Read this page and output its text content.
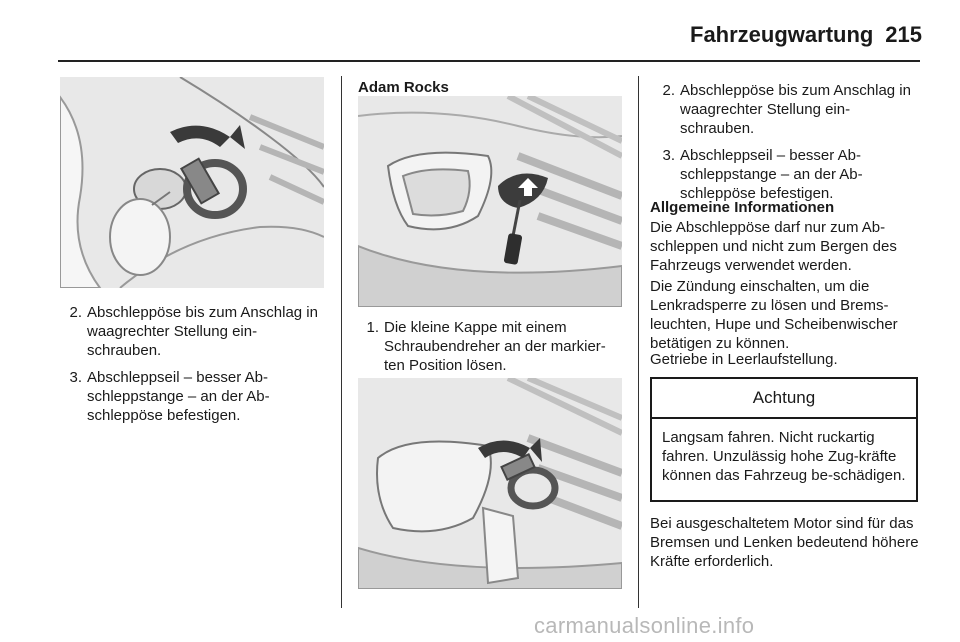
Fahrzeugwartung 215
2. Abschleppöse bis zum Anschlag in waagrechter Stellung ein-schrauben.
3. Abschleppseil – besser Ab-schleppstange – an der Ab-schleppöse befestigen.
Adam Rocks
1. Die kleine Kappe mit einem Schraubendreher an der markier-ten Position lösen.
2. Abschleppöse bis zum Anschlag in waagrechter Stellung ein-schrauben.
3. Abschleppseil – besser Ab-schleppstange – an der Ab-schleppöse befestigen.
Allgemeine Informationen

Die Abschleppöse darf nur zum Ab-schleppen und nicht zum Bergen des Fahrzeugs verwendet werden.

Die Zündung einschalten, um die Lenkradsperre zu lösen und Brems-leuchten, Hupe und Scheibenwischer betätigen zu können.

Getriebe in Leerlaufstellung.

Achtung
Langsam fahren. Nicht ruckartig fahren. Unzulässig hohe Zug-kräfte können das Fahrzeug be-schädigen.

Bei ausgeschaltetem Motor sind für das Bremsen und Lenken bedeutend höhere Kräfte erforderlich.

carmanualsonline.info
